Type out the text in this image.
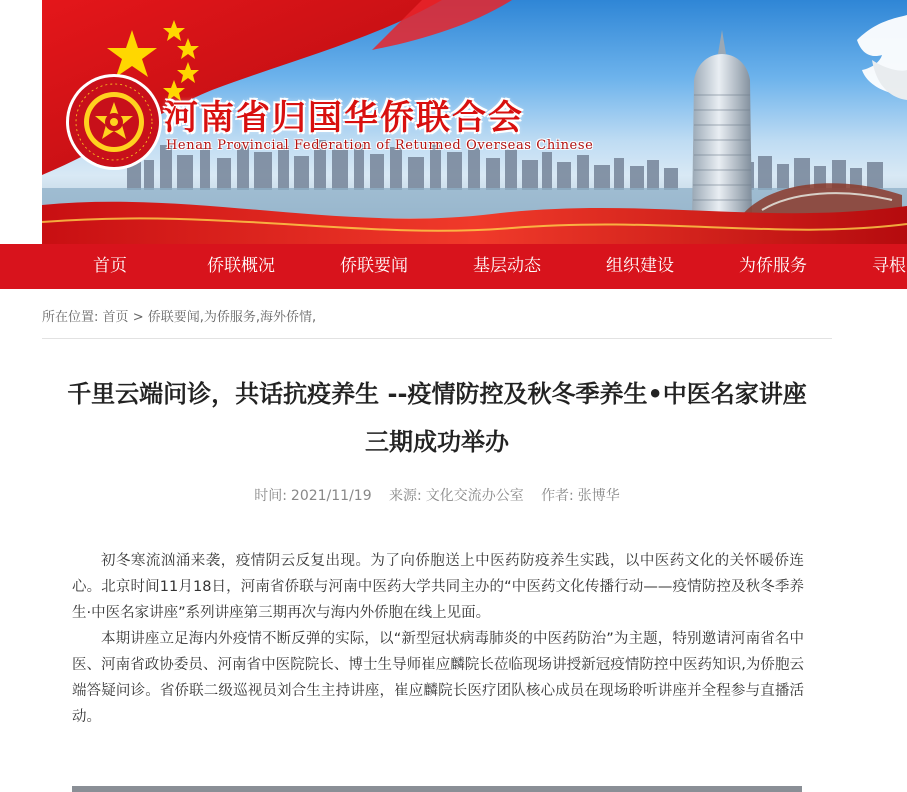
河南省归国华侨联合会
Henan Provincial Federation of Returned Overseas Chinese
首页	侨联概况	侨联要闻	基层动态	组织建设	为侨服务	寻根
所在位置: 首页 > 侨联要闻,为侨服务,海外侨情,
千里云端问诊，共话抗疫养生 --疫情防控及秋冬季养生•中医名家讲座三期成功举办
时间: 2021/11/19 来源: 文化交流办公室 作者: 张博华

初冬寒流汹涌来袭，疫情阴云反复出现。为了向侨胞送上中医药防疫养生实践，以中医药文化的关怀暖侨连心。北京时间11月18日，河南省侨联与河南中医药大学共同主办的“中医药文化传播行动——疫情防控及秋冬季养生·中医名家讲座”系列讲座第三期再次与海内外侨胞在线上见面。

本期讲座立足海内外疫情不断反弹的实际，以“新型冠状病毒肺炎的中医药防治”为主题，特别邀请河南省名中医、河南省政协委员、河南省中医院院长、博士生导师崔应麟院长莅临现场讲授新冠疫情防控中医药知识,为侨胞云端答疑问诊。省侨联二级巡视员刘合生主持讲座，崔应麟院长医疗团队核心成员在现场聆听讲座并全程参与直播活动。
